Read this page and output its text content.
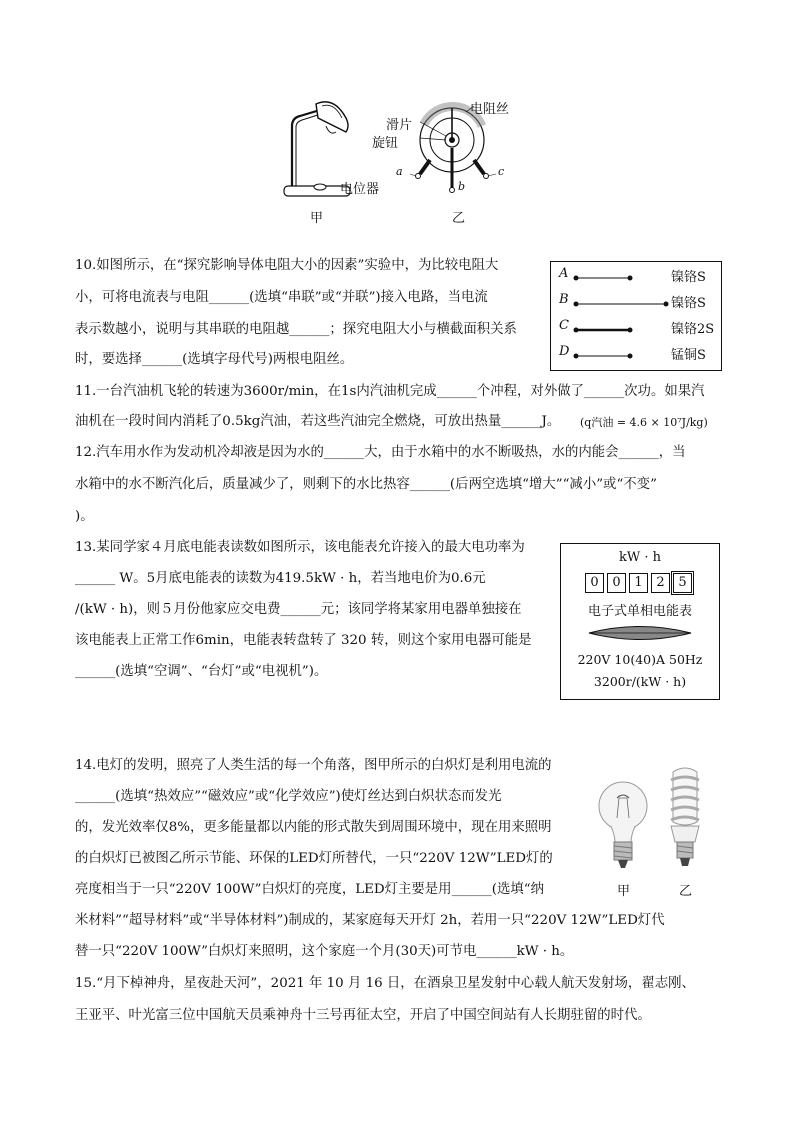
电位器
甲
电阻丝
滑片
旋钮
a
b
c
乙
10.如图所示，在“探究影响导体电阻大小的因素”实验中，为比较电阻大
小，可将电流表与电阻______(选填“串联”或“并联”)接入电路，当电流
表示数越小，说明与其串联的电阻越______；探究电阻大小与横截面积关系
时，要选择______(选填字母代号)两根电阻丝。
A	镍铬S
B	镍铬S
C	镍铬2S
D	锰铜S
11.一台汽油机飞轮的转速为3600r/min，在1s内汽油机完成______个冲程，对外做了______次功。如果汽
油机在一段时间内消耗了0.5kg汽油，若这些汽油完全燃烧，可放出热量______J。 (q汽油 = 4.6 × 10⁷J/kg)
12.汽车用水作为发动机冷却液是因为水的______大，由于水箱中的水不断吸热，水的内能会______，当
水箱中的水不断汽化后，质量减少了，则剩下的水比热容______(后两空选填“增大”“减小”或“不变”
)。
13.某同学家４月底电能表读数如图所示，该电能表允许接入的最大电功率为
______ W。5月底电能表的读数为419.5kW · h，若当地电价为0.6元
/(kW · h)，则５月份他家应交电费______元；该同学将某家用电器单独接在
该电能表上正常工作6min，电能表转盘转了 320 转，则这个家用电器可能是
______(选填“空调”、“台灯”或“电视机”)。
kW · h
0 0 1 2 5
电子式单相电能表
220V 10(40)A 50Hz
3200r/(kW · h)
14.电灯的发明，照亮了人类生活的每一个角落，图甲所示的白炽灯是利用电流的
______(选填“热效应”“磁效应”或“化学效应”)使灯丝达到白炽状态而发光
的，发光效率仅8%，更多能量都以内能的形式散失到周围环境中，现在用来照明
的白炽灯已被图乙所示节能、环保的LED灯所替代，一只“220V 12W”LED灯的
亮度相当于一只“220V 100W”白炽灯的亮度，LED灯主要是用______(选填“纳
米材料”“超导材料”或“半导体材料”)制成的，某家庭每天开灯 2h，若用一只“220V 12W”LED灯代
替一只“220V 100W”白炽灯来照明，这个家庭一个月(30天)可节电______kW · h。
甲	乙
15.“月下棹神舟，星夜赴天河”，2021 年 10 月 16 日，在酒泉卫星发射中心载人航天发射场，翟志刚、
王亚平、叶光富三位中国航天员乘神舟十三号再征太空，开启了中国空间站有人长期驻留的时代。
